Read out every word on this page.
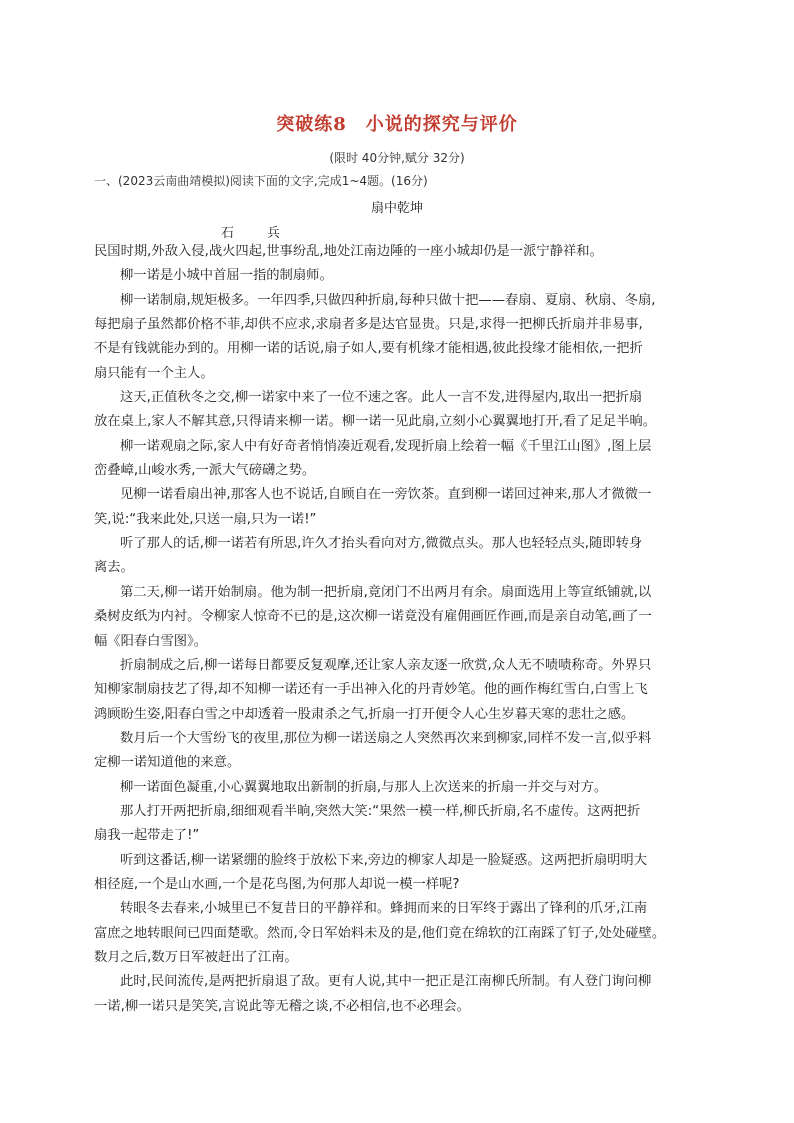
突破练8　小说的探究与评价
(限时 40分钟,赋分 32分)
一、(2023云南曲靖模拟)阅读下面的文字,完成1~4题。(16分)
扇中乾坤
石　兵
民国时期,外敌入侵,战火四起,世事纷乱,地处江南边陲的一座小城却仍是一派宁静祥和。
柳一诺是小城中首屈一指的制扇师。
柳一诺制扇,规矩极多。一年四季,只做四种折扇,每种只做十把——春扇、夏扇、秋扇、冬扇,
每把扇子虽然都价格不菲,却供不应求,求扇者多是达官显贵。只是,求得一把柳氏折扇并非易事,
不是有钱就能办到的。用柳一诺的话说,扇子如人,要有机缘才能相遇,彼此投缘才能相依,一把折
扇只能有一个主人。
这天,正值秋冬之交,柳一诺家中来了一位不速之客。此人一言不发,进得屋内,取出一把折扇
放在桌上,家人不解其意,只得请来柳一诺。柳一诺一见此扇,立刻小心翼翼地打开,看了足足半晌。
柳一诺观扇之际,家人中有好奇者悄悄凑近观看,发现折扇上绘着一幅《千里江山图》,图上层
峦叠嶂,山峻水秀,一派大气磅礴之势。
见柳一诺看扇出神,那客人也不说话,自顾自在一旁饮茶。直到柳一诺回过神来,那人才微微一
笑,说:“我来此处,只送一扇,只为一诺!”
听了那人的话,柳一诺若有所思,许久才抬头看向对方,微微点头。那人也轻轻点头,随即转身
离去。
第二天,柳一诺开始制扇。他为制一把折扇,竟闭门不出两月有余。扇面选用上等宣纸铺就,以
桑树皮纸为内衬。令柳家人惊奇不已的是,这次柳一诺竟没有雇佣画匠作画,而是亲自动笔,画了一
幅《阳春白雪图》。
折扇制成之后,柳一诺每日都要反复观摩,还让家人亲友逐一欣赏,众人无不啧啧称奇。外界只
知柳家制扇技艺了得,却不知柳一诺还有一手出神入化的丹青妙笔。他的画作梅红雪白,白雪上飞
鸿顾盼生姿,阳春白雪之中却透着一股肃杀之气,折扇一打开便令人心生岁暮天寒的悲壮之感。
数月后一个大雪纷飞的夜里,那位为柳一诺送扇之人突然再次来到柳家,同样不发一言,似乎料
定柳一诺知道他的来意。
柳一诺面色凝重,小心翼翼地取出新制的折扇,与那人上次送来的折扇一并交与对方。
那人打开两把折扇,细细观看半晌,突然大笑:“果然一模一样,柳氏折扇,名不虚传。这两把折
扇我一起带走了!”
听到这番话,柳一诺紧绷的脸终于放松下来,旁边的柳家人却是一脸疑惑。这两把折扇明明大
相径庭,一个是山水画,一个是花鸟图,为何那人却说一模一样呢?
转眼冬去春来,小城里已不复昔日的平静祥和。蜂拥而来的日军终于露出了锋利的爪牙,江南
富庶之地转眼间已四面楚歌。然而,令日军始料未及的是,他们竟在绵软的江南踩了钉子,处处碰壁。
数月之后,数万日军被赶出了江南。
此时,民间流传,是两把折扇退了敌。更有人说,其中一把正是江南柳氏所制。有人登门询问柳
一诺,柳一诺只是笑笑,言说此等无稽之谈,不必相信,也不必理会。
